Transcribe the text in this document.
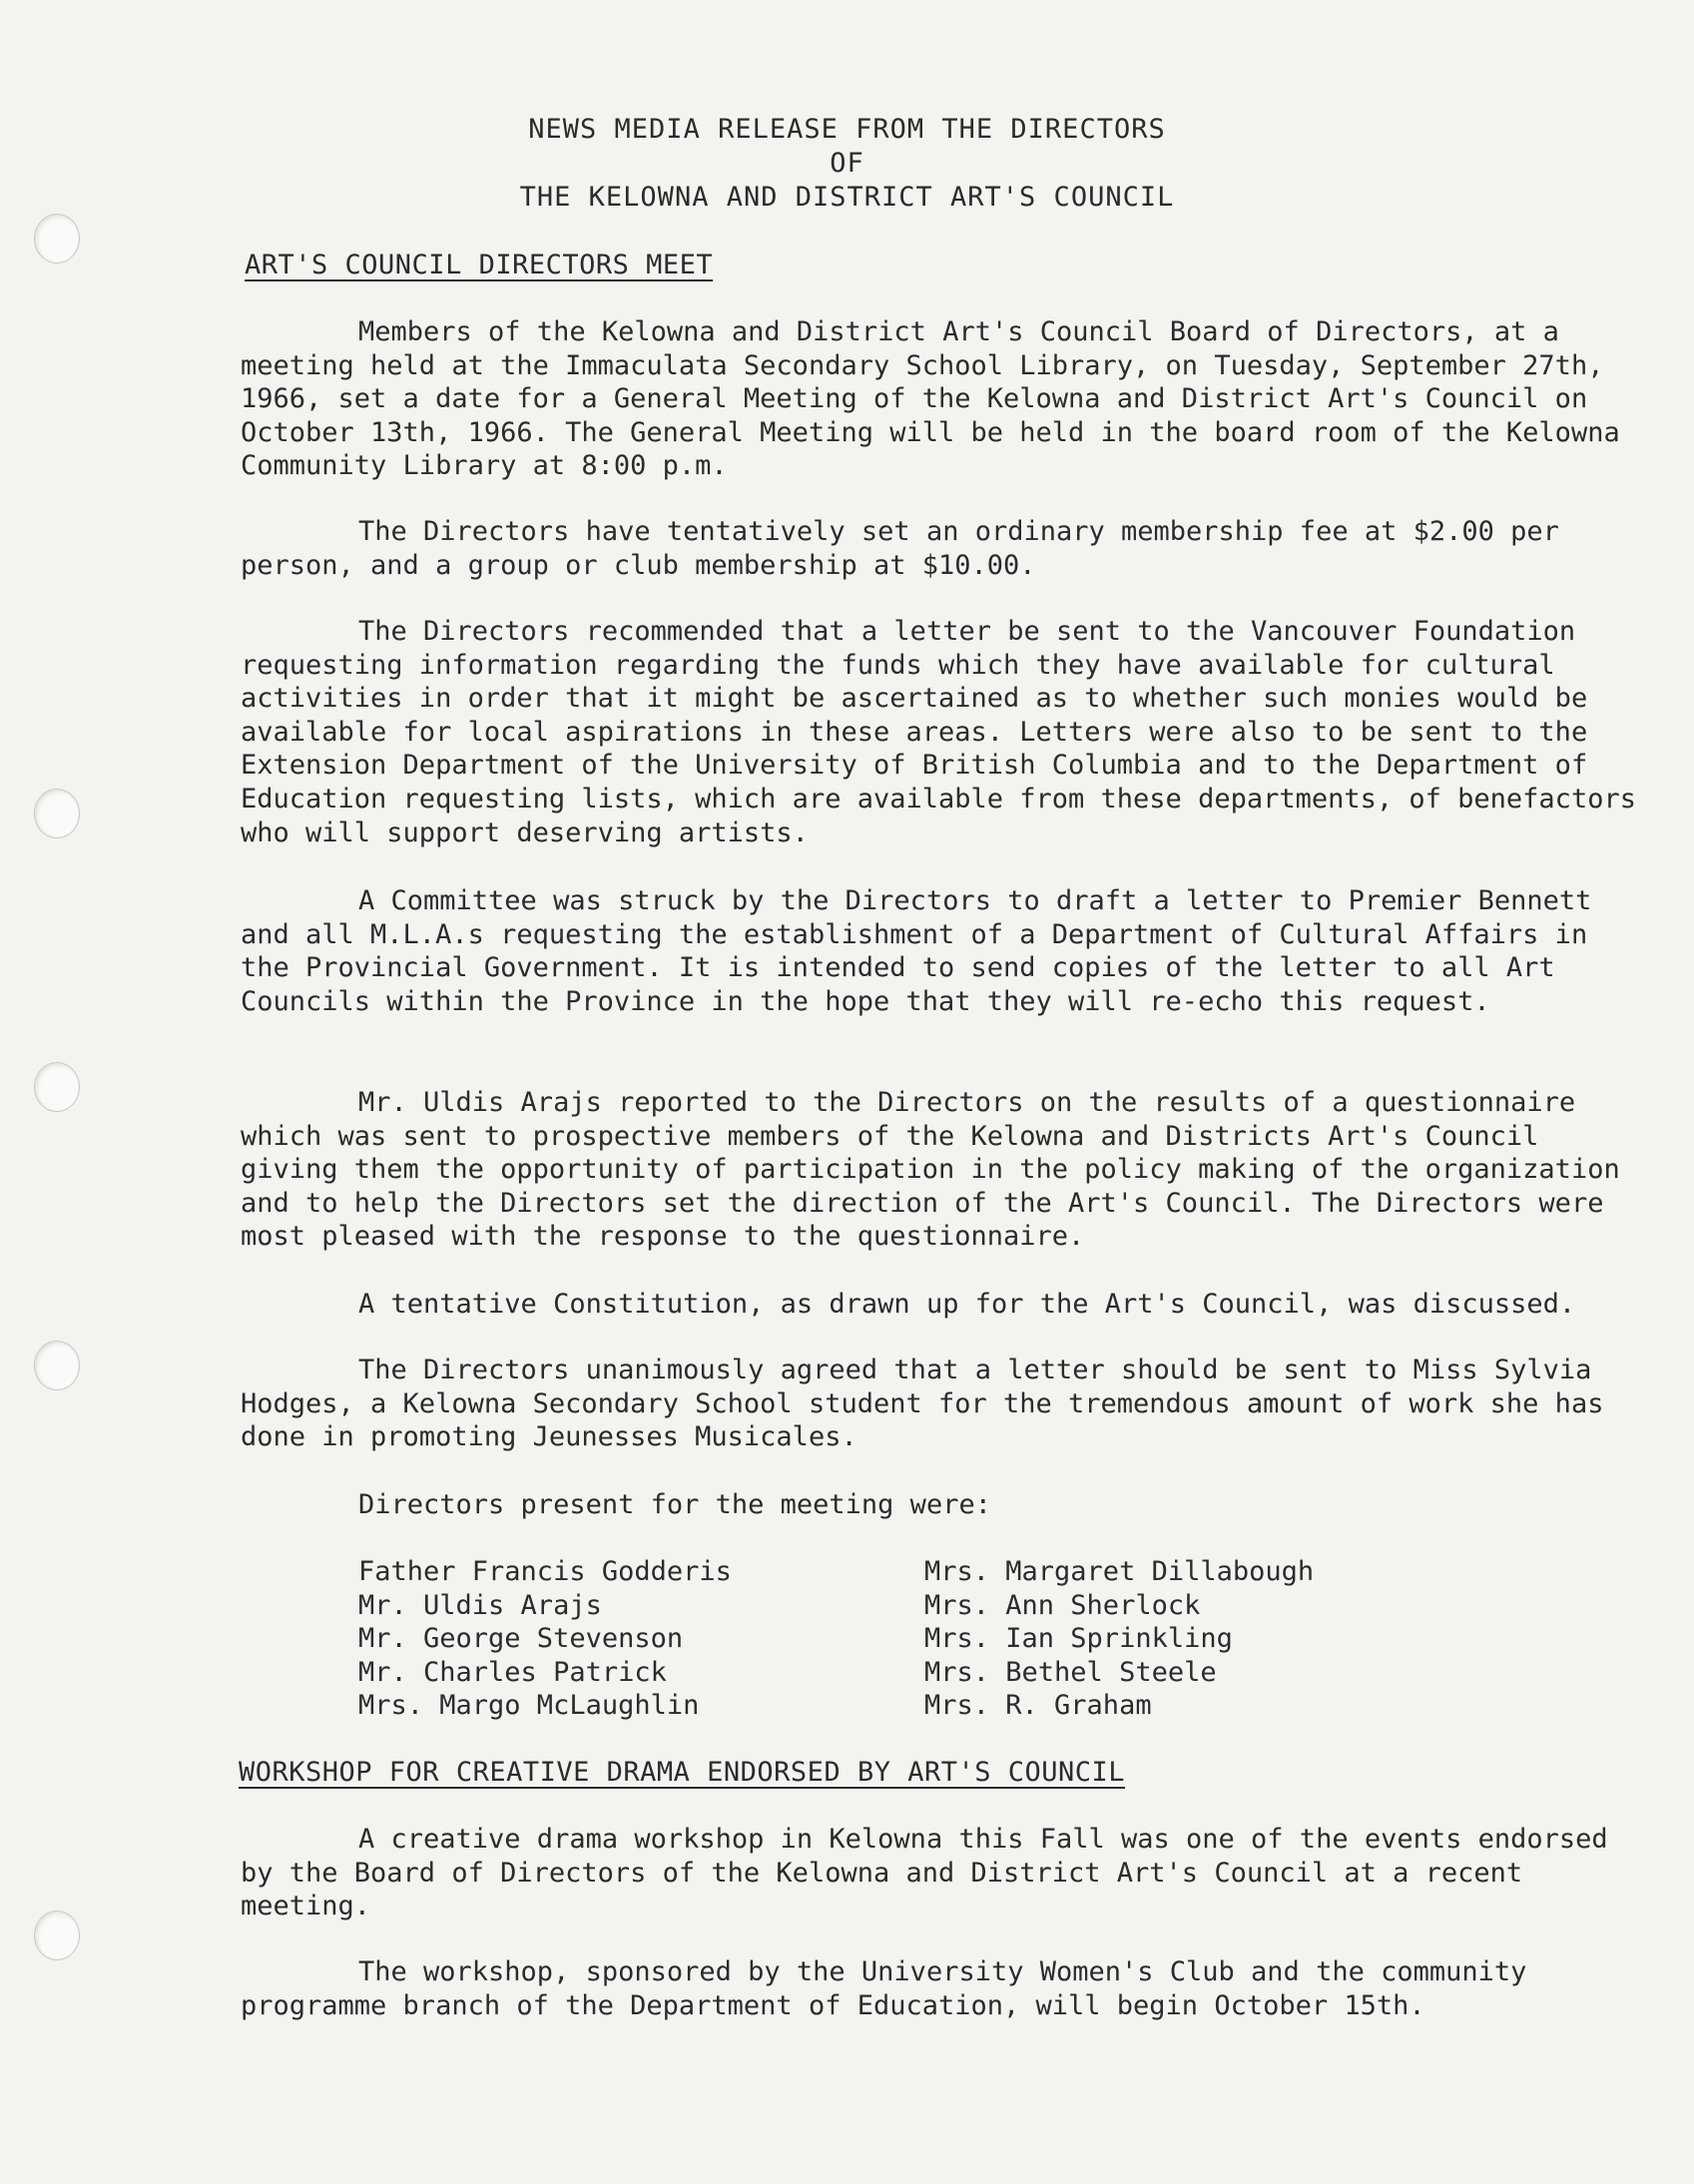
NEWS MEDIA RELEASE FROM THE DIRECTORS
OF
THE KELOWNA AND DISTRICT ART'S COUNCIL
ART'S COUNCIL DIRECTORS MEET

Members of the Kelowna and District Art's Council Board of Directors, at a meeting held at the Immaculata Secondary School Library, on Tuesday, September 27th, 1966, set a date for a General Meeting of the Kelowna and District Art's Council on October 13th, 1966. The General Meeting will be held in the board room of the Kelowna Community Library at 8:00 p.m.

The Directors have tentatively set an ordinary membership fee at $2.00 per person, and a group or club membership at $10.00.

The Directors recommended that a letter be sent to the Vancouver Foundation requesting information regarding the funds which they have available for cultural activities in order that it might be ascertained as to whether such monies would be available for local aspirations in these areas. Letters were also to be sent to the Extension Department of the University of British Columbia and to the Department of Education requesting lists, which are available from these departments, of benefactors who will support deserving artists.

A Committee was struck by the Directors to draft a letter to Premier Bennett and all M.L.A.s requesting the establishment of a Department of Cultural Affairs in the Provincial Government. It is intended to send copies of the letter to all Art Councils within the Province in the hope that they will re-echo this request.

Mr. Uldis Arajs reported to the Directors on the results of a questionnaire which was sent to prospective members of the Kelowna and Districts Art's Council giving them the opportunity of participation in the policy making of the organization and to help the Directors set the direction of the Art's Council. The Directors were most pleased with the response to the questionnaire.

A tentative Constitution, as drawn up for the Art's Council, was discussed.

The Directors unanimously agreed that a letter should be sent to Miss Sylvia Hodges, a Kelowna Secondary School student for the tremendous amount of work she has done in promoting Jeunesses Musicales.

Directors present for the meeting were:
Father Francis Godderis
Mr. Uldis Arajs
Mr. George Stevenson
Mr. Charles Patrick
Mrs. Margo McLaughlin
Mrs. Margaret Dillabough
Mrs. Ann Sherlock
Mrs. Ian Sprinkling
Mrs. Bethel Steele
Mrs. R. Graham
WORKSHOP FOR CREATIVE DRAMA ENDORSED BY ART'S COUNCIL

A creative drama workshop in Kelowna this Fall was one of the events endorsed by the Board of Directors of the Kelowna and District Art's Council at a recent meeting.

The workshop, sponsored by the University Women's Club and the community programme branch of the Department of Education, will begin October 15th.
